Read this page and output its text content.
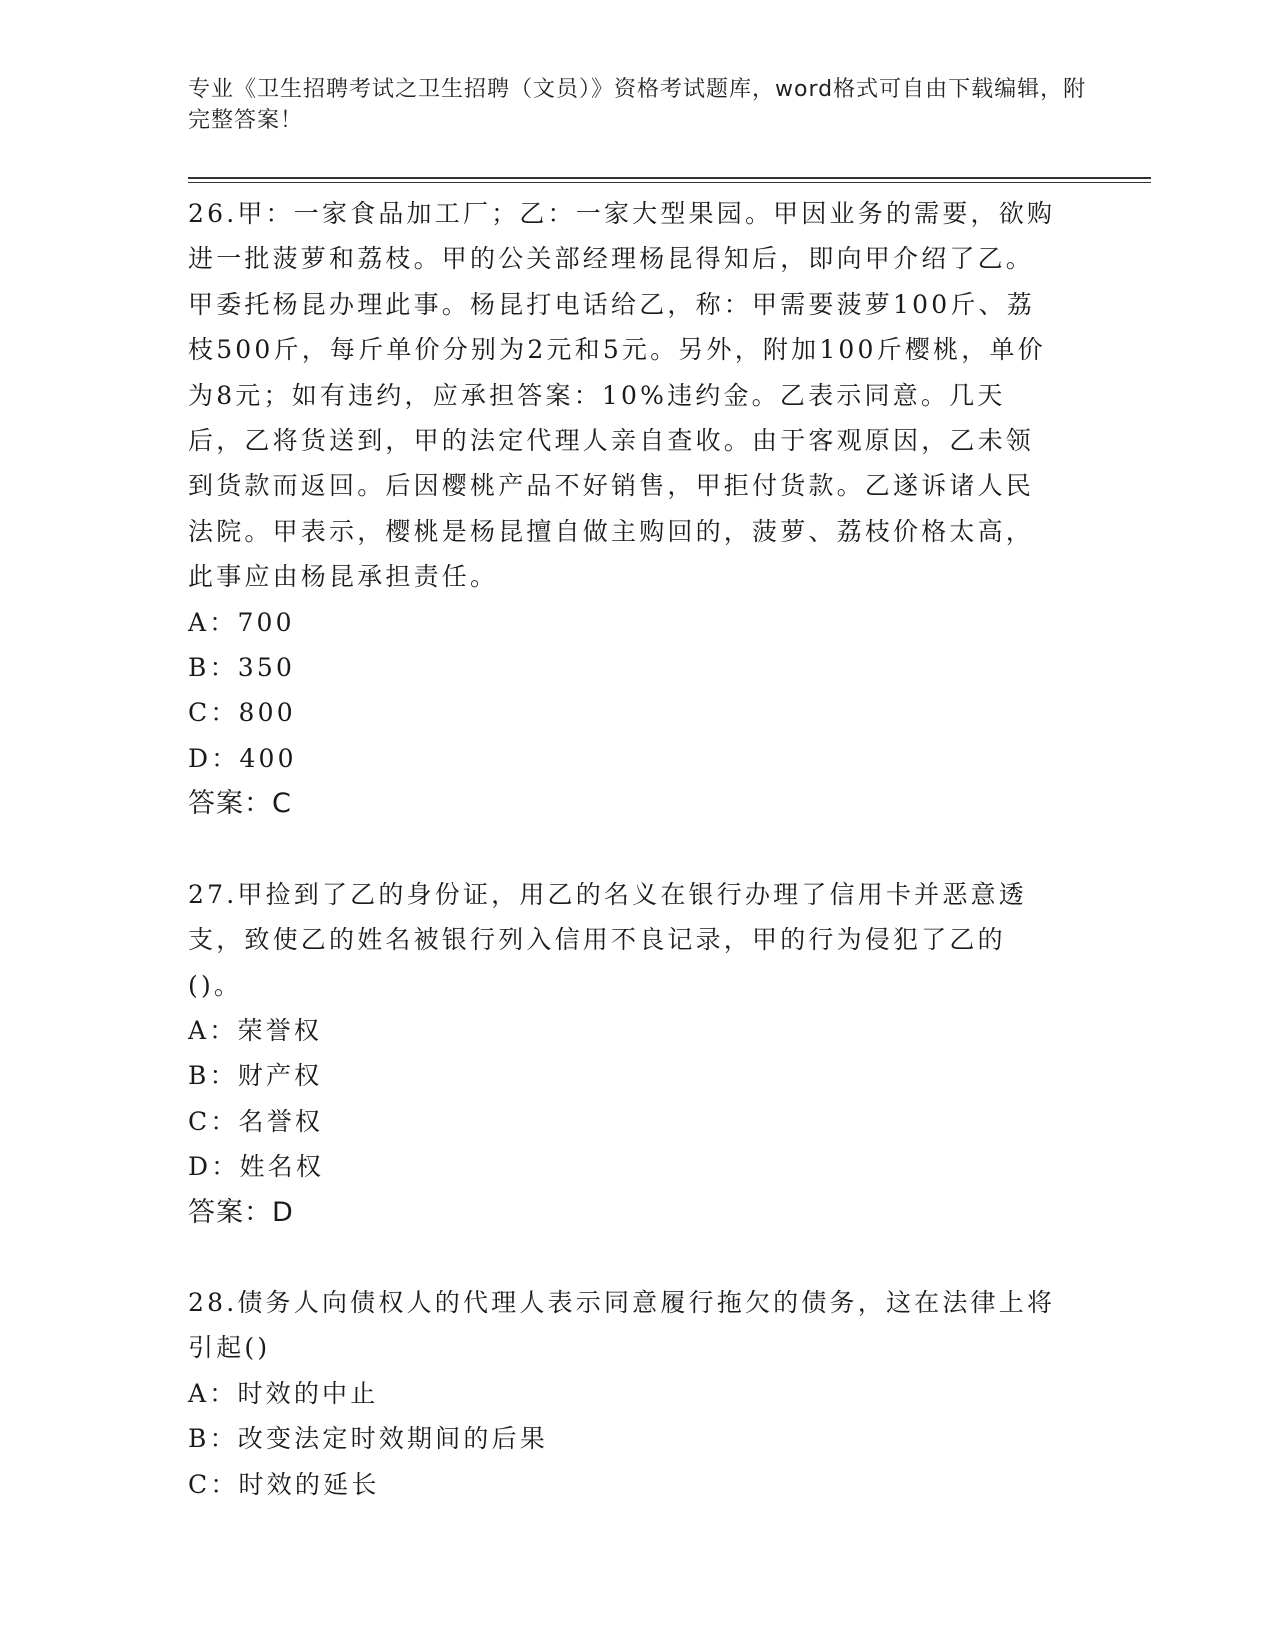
专业《卫生招聘考试之卫生招聘（文员）》资格考试题库，word格式可自由下载编辑，附完整答案！

26.甲：一家食品加工厂；乙：一家大型果园。甲因业务的需要，欲购进一批菠萝和荔枝。甲的公关部经理杨昆得知后，即向甲介绍了乙。甲委托杨昆办理此事。杨昆打电话给乙，称：甲需要菠萝100斤、荔枝500斤，每斤单价分别为2元和5元。另外，附加100斤樱桃，单价为8元；如有违约，应承担答案：10%违约金。乙表示同意。几天后，乙将货送到，甲的法定代理人亲自查收。由于客观原因，乙未领到货款而返回。后因樱桃产品不好销售，甲拒付货款。乙遂诉诸人民法院。甲表示，樱桃是杨昆擅自做主购回的，菠萝、荔枝价格太高，此事应由杨昆承担责任。

A：700

B：350

C：800

D：400

答案：C

27.甲捡到了乙的身份证，用乙的名义在银行办理了信用卡并恶意透支，致使乙的姓名被银行列入信用不良记录，甲的行为侵犯了乙的()。

A：荣誉权

B：财产权

C：名誉权

D：姓名权

答案：D

28.债务人向债权人的代理人表示同意履行拖欠的债务，这在法律上将引起()

A：时效的中止

B：改变法定时效期间的后果

C：时效的延长
